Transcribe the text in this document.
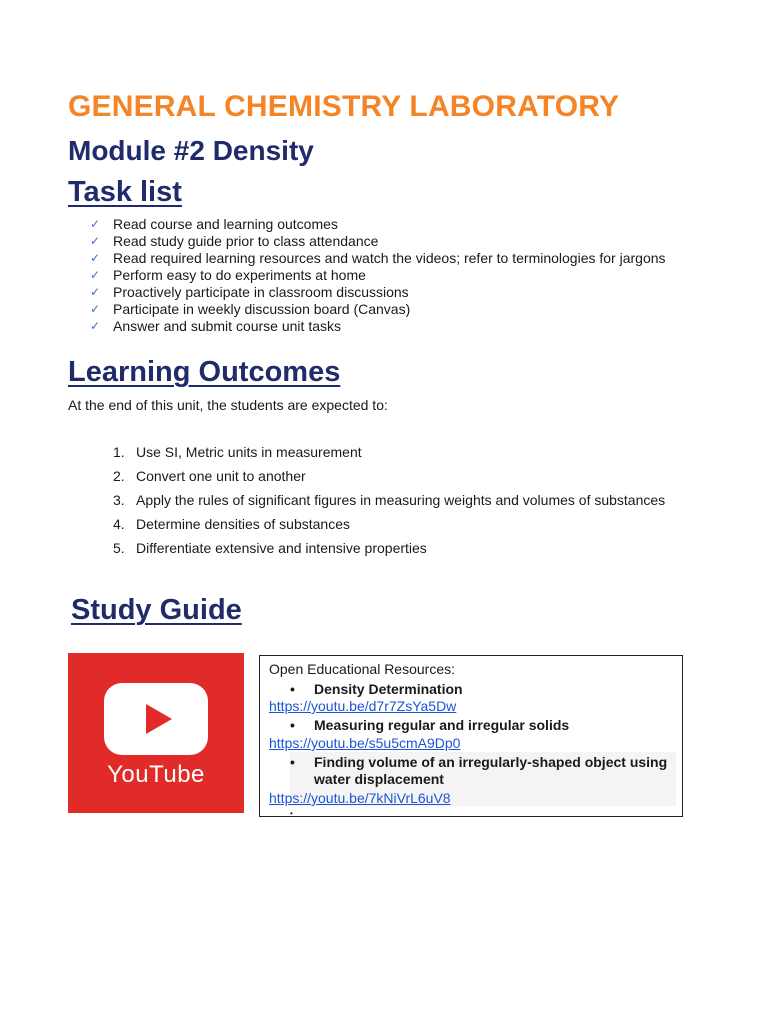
GENERAL CHEMISTRY LABORATORY
Module #2 Density
Task list
✓ Read course and learning outcomes
✓ Read study guide prior to class attendance
✓ Read required learning resources and watch the videos; refer to terminologies for jargons
✓ Perform easy to do experiments at home
✓ Proactively participate in classroom discussions
✓ Participate in weekly discussion board (Canvas)
✓ Answer and submit course unit tasks
Learning Outcomes

At the end of this unit, the students are expected to:

1. Use SI, Metric units in measurement
2. Convert one unit to another
3. Apply the rules of significant figures in measuring weights and volumes of substances
4. Determine densities of substances
5. Differentiate extensive and intensive properties
Study Guide
YouTube
Open Educational Resources:
•	Density Determination
https://youtu.be/d7r7ZsYa5Dw
•	Measuring regular and irregular solids
https://youtu.be/s5u5cmA9Dp0
•	Finding volume of an irregularly-shaped object using water displacement
https://youtu.be/7kNiVrL6uV8
•
